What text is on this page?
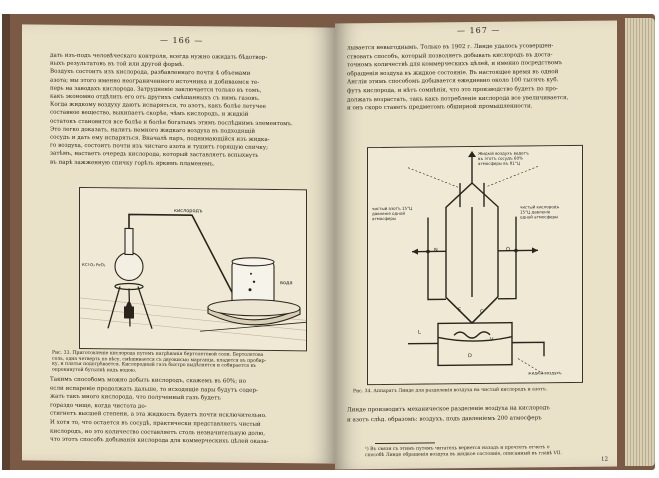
— 166 —
дать изъ-подъ человѣческаго контроля, всегда нужно ожидать бѣдотвор-
ныхъ результатовъ въ той или другой формѣ.
Воздухъ состоитъ изъ кислорода, разбавленнаго почти 4 объемами
азота; мы этого именно неограниченного источника и добиваемся те-
перь на заводахъ кислорода. Затрудненіе заключается только въ томъ,
какъ экономно отдѣлить его отъ другихъ смѣшанныхъ съ нимъ газовъ.
Когда жидкому воздуху даютъ испаряться, то азотъ, какъ болѣе летучее
составное вещество, выкипаетъ скорѣе, чѣмъ кислородъ, и жидкій
остатокъ становится все болѣе и болѣе богатымъ этимъ послѣднимъ элементомъ.
Это легко доказать, налитъ немного жидкаго воздуха въ подходящій
сосудъ и дать ему испаряться. Вначалѣ паръ, поднимающійся изъ жидка-
го воздуха, состоитъ почти изъ чистаго азота и тушитъ горящую спичку;
затѣмъ, настаетъ очередь кислорода, который заставляетъ вспыхнуть
въ парѣ зажженную спичку горѣть яркимъ пламенемъ.
кислородъ
вода
КСl·О₃ FeO₂
Рис. 33. Приготовленіе кислорода путемъ нагрѣванія бертолетовой соли. Бертолетова
соль, одна четверть по вѣсу, смѣшивается съ двуокисью марганца, кладется въ пробир-
ку, и платья подогрѣвается. Кислородный газъ быстро выдѣляется и собирается въ
опрокинутой бутылкѣ надъ водою.
Такимъ способомъ можно добыть кислородъ, скажемъ въ 60%; но
если испареніе продолжать дальше, то исходящіе пары будутъ содер-
жать такъ много кислорода, что полученный газъ будетъ
гораздо чище, когда чистота до-
стигнетъ высшей степени, а эта жидкость будетъ почти исключительно.
И хотя то, что остается въ сосудѣ, практически представляетъ чистый
кислородъ, но это количество составляетъ столь незначительную долю,
что этотъ способъ добыванія кислорода для коммерческихъ цѣлей оказа-
— 167 —
лывается невыгоднымъ. Только въ 1902 г. Линде удалось усовершен-
ствовать способъ, который позволяетъ добывать кислородъ въ доста-
точномъ количествѣ для коммерческихъ цѣлей, и именно посредствомъ
обращенія воздуха въ жидкое состояніе. Въ настоящее время въ одной
Англіи этимъ способомъ добывается ежедневно около 100 тысячъ куб.
футъ кислорода, и нѣтъ сомнѣнія, что это производство будетъ по про-
должать возрастать, такъ какъ потребленіе кислорода все увеличивается,
и онъ скоро станетъ предметомъ обширной промышленности.
Жидкій воздухъ ведетъ
въ этотъ сосудъ 60%
атмосферы въ 81°Ц
чистый азотъ 15°Ц
давленіе одной
атмосферы
чистый кислородъ
15°Ц давленіе
одной атмосферы
жидкій воздухъ
N	O
L
E	C
V
D
Рис. 34. Аппаратъ Линде для разделенія воздуха на чистый кислородъ и азотъ.
Линде производитъ механическое разделеніе воздуха на кислородъ
и азотъ слѣд. образомъ: воздухъ, подъ давленіемъ 200 атмосферъ
¹) Въ связи съ этимъ путемъ читатель вернется назадъ и прочтетъ отчетъ о
способѣ Линде обращенія воздуха въ жидкое состояніе, описанный въ главѣ VII.
12
